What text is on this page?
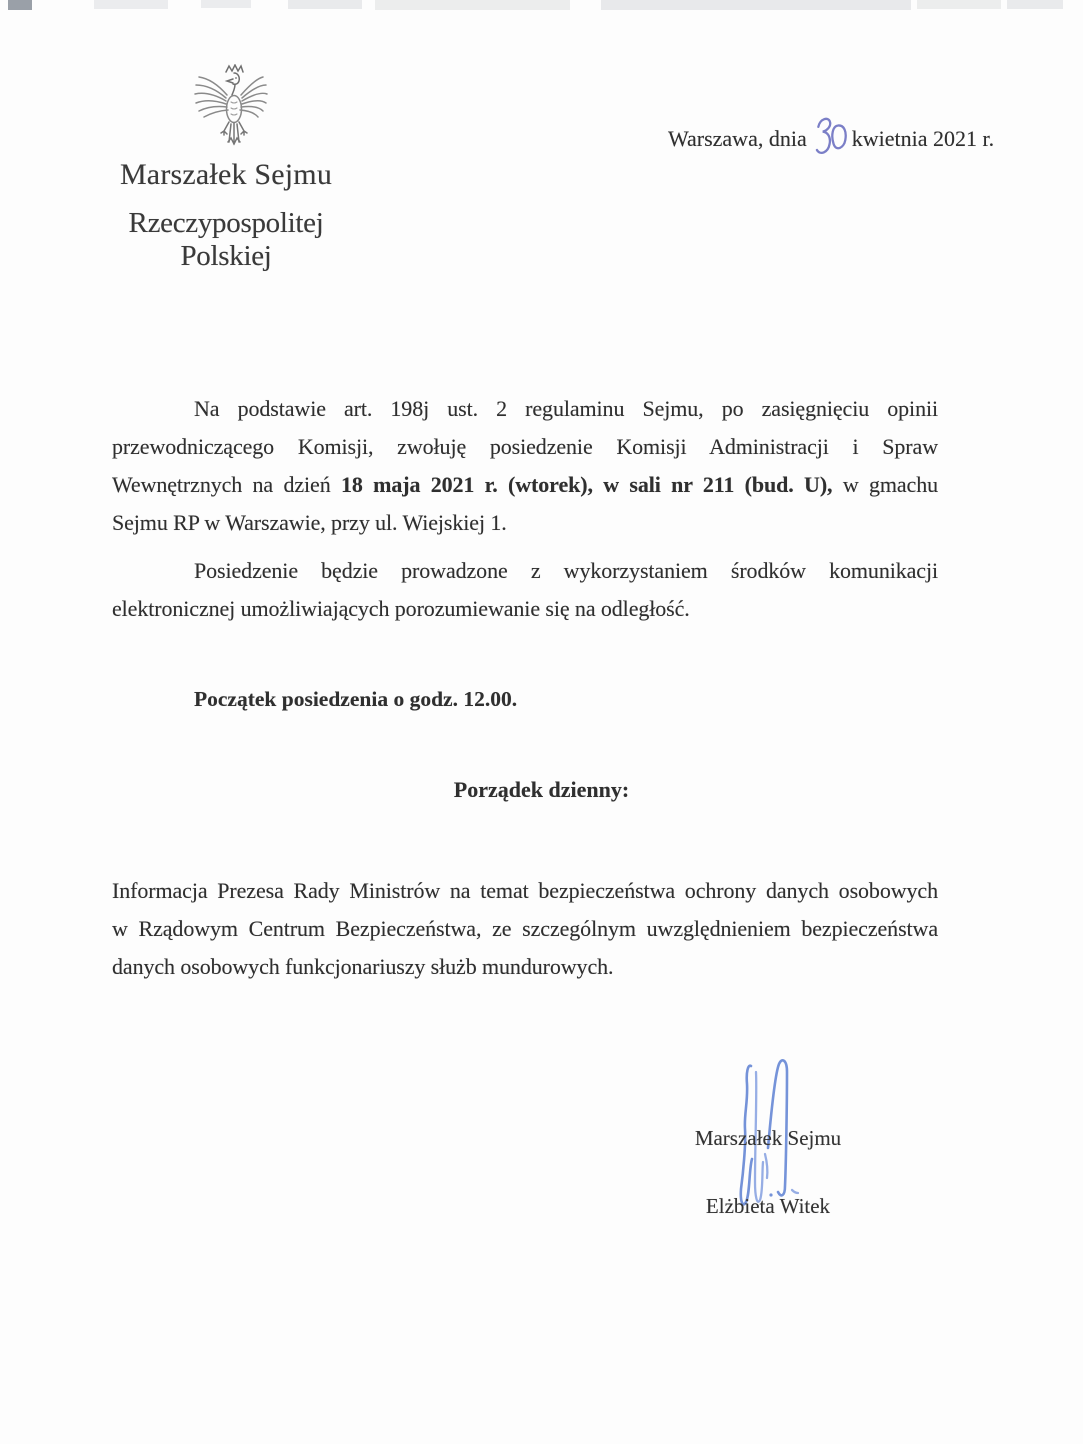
Marszałek Sejmu
Rzeczypospolitej Polskiej
Warszawa, dnia kwietnia 2021 r.
Na podstawie art. 198j ust. 2 regulaminu Sejmu, po zasięgnięciu opinii
przewodniczącego Komisji, zwołuję posiedzenie Komisji Administracji i Spraw
Wewnętrznych na dzień 18 maja 2021 r. (wtorek), w sali nr 211 (bud. U), w gmachu
Sejmu RP w Warszawie, przy ul. Wiejskiej 1.
Posiedzenie będzie prowadzone z wykorzystaniem środków komunikacji
elektronicznej umożliwiających porozumiewanie się na odległość.
Początek posiedzenia o godz. 12.00.
Porządek dzienny:
Informacja Prezesa Rady Ministrów na temat bezpieczeństwa ochrony danych osobowych
w Rządowym Centrum Bezpieczeństwa, ze szczególnym uwzględnieniem bezpieczeństwa
danych osobowych funkcjonariuszy służb mundurowych.
Marszałek Sejmu
Elżbieta Witek
